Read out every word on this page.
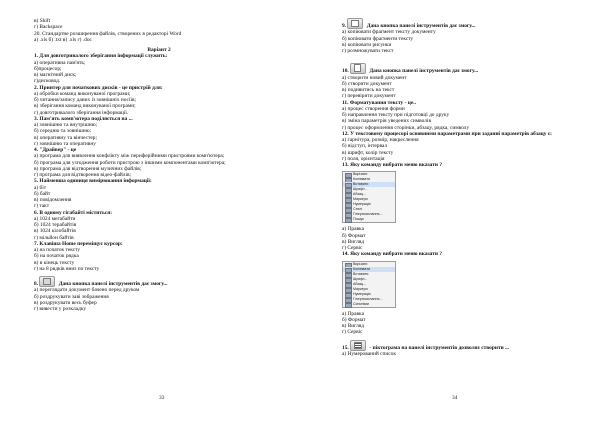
в) Shift
г) Backspace
20. Стандартне розширення файлів, створених в редакторі Word
а) .xls б) .txt в) .xls г) .doc
Варіант 2
1. Для довготривалого зберігання інформації служить:
а) оперативна пам'ять;
б)процесор;
в) магнітний диск;
г)дисковод.
2. Принтер для початкових дисків - це пристрій для:
а) обробки команд виконуваної програми;
б) читання/запису даних із зовнішніх носіїв;
в) зберігання команд виконуваної програми;
г) довготривалого зберігання інформації.
3. Пам'ять комп'ютера поділяється на ...
а) зовнішню та внутрішню;
б) середню та зовнішню;
в) оперативну та вінчестер;
г) зовнішню та оперативну
4. "Драйвер" - це
а) програма для виявлення конфлікту між периферійними пристроями комп'ютера;
б) програма для узгодження роботи пристрою з іншими компонентами комп'ютера;
в) програма для відтворення музичних файлів;
г) програма для відтворення відео-файлів;
5. Найменша одиниця вимірювання інформації:
а) біт
б) байт
в) повідомлення
г) такт
6. В одному гігабайті міститься:
а) 1024 мегабайти
б) 1024 терабайтів
в) 1024 кілобайтів
г) мільйон байтів
7. Клавіша Home переміщує курсор:
а) на початок тексту
б) на початок рядка
в) в кінець тексту
г) на 8 рядків вниз по тексту
8.	Дана кнопка панелі інструментів дає змогу...
а) переглядати документ бачено перед друком
б) роздрукувати заві зображення
в) роздрукувати весь буфер
г) вивести у розкладку
33
9.	Дана кнопка панелі інструментів дає змогу...
а) копіювати фрагмент тексту документу
б) копіювати фрагменти тексту
в) копіювати рисунки
г) розмножувати текст
10.	Дана кнопка панелі інструментів дає змогу...
а) створити новий документ
б) створити документ
в) подивитись на текст
г) перевірити документ
11. Форматування тексту - це..
а) процес створення форми
б) направлення тексту при підготовці до друку
в) зміна параметрів уведених символів
г) процес оформлення сторінки, абзацу, рядка, символу
12. У текстовому процесорі основними параметрами при заданні параметрів абзацу є:
а) гарнітура, розмір, накреслення
б) відступ, інтервал
в) шрифт, колір тексту
г) поля, орієнтація
13. Яку команду вибрати меню вказати ?
Вирізати
Копіювати
Вставити
Шрифт...
Абзац...
Маркери
Нумерація
Стилі
Гіперпосилання...
Пошук
а) Правка
б) Формат
в) Вигляд
г) Сервіс
14. Яку команду вибрати меню вказати ?
Вирізати
Копіювати
Вставити
Шрифт...
Абзац...
Маркери
Нумерація
Гіперпосилання...
Синоніми
а) Правка
б) Формат
в) Вигляд
г) Сервіс
15.	- піктограма на панелі інструментів дозволяє створити ...
а) Нумерований список
34
